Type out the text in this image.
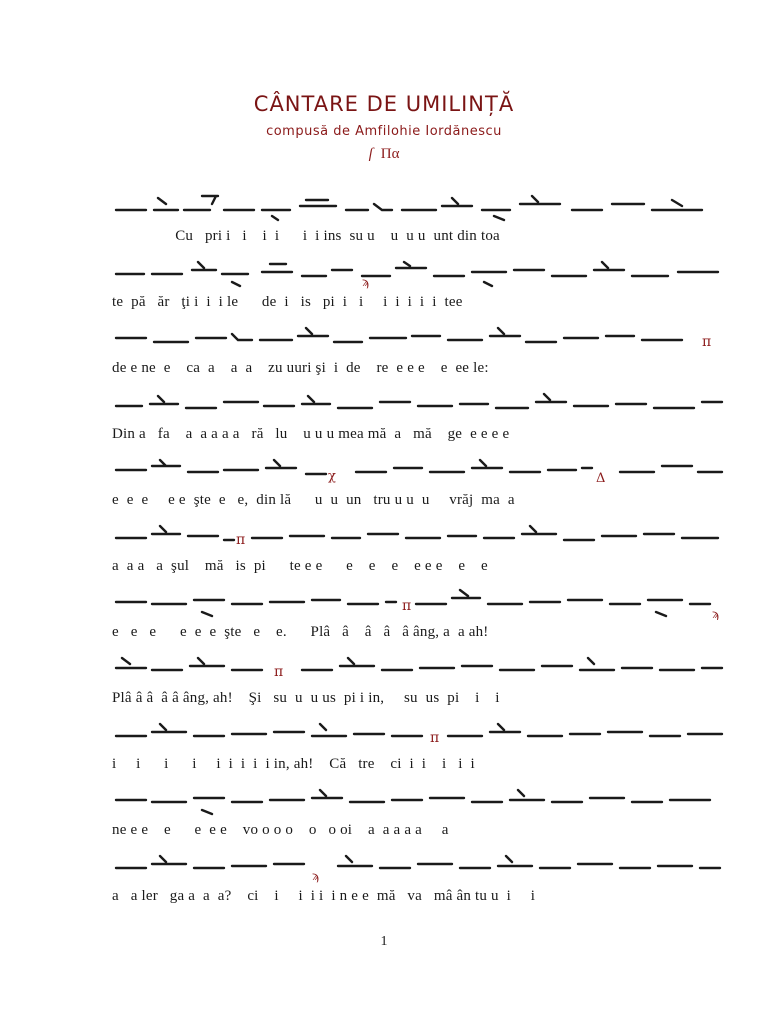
CÂNTARE DE UMILINȚĂ
compusă de Amfilohie Iordănescu
ſ Πα
Cu   pri i   i    i  i      i  i ins  su u    u  u u  unt din toa
ϡ
te  pă   ăr   ţi i  i  i le      de  i   is   pi  i   i     i  i  i  i  i  tee
π
de e ne  e    ca  a    a  a    zu uuri şi  i  de    re  e e e    e  ee le:
Din a   fa    a  a a a a   ră   lu    u u u mea mă  a   mă    ge  e e e e
χ	Δ
e  e  e     e e  şte  e   e,  din lă      u  u  un   tru u u  u     vrăj  ma  a
π
a  a a   a  şul    mă   is  pi      te e e      e    e    e    e e e    e    e
π	ϡ
e   e   e      e  e  e  şte   e    e.      Plâ   â    â   â   â âng, a  a ah!
π
Plâ â â  â â âng, ah!    Şi   su  u  u us  pi i in,     su  us  pi    i    i
π
i     i      i      i     i  i  i  i  i in, ah!    Că   tre    ci  i  i    i   i  i
ne e e    e      e  e e    vo o o o    o   o oi    a  a a a a     a
ϡ
a   a ler   ga a  a  a?    ci    i     i  i i  i n e e  mă   va   mâ ân tu u  i     i
1
